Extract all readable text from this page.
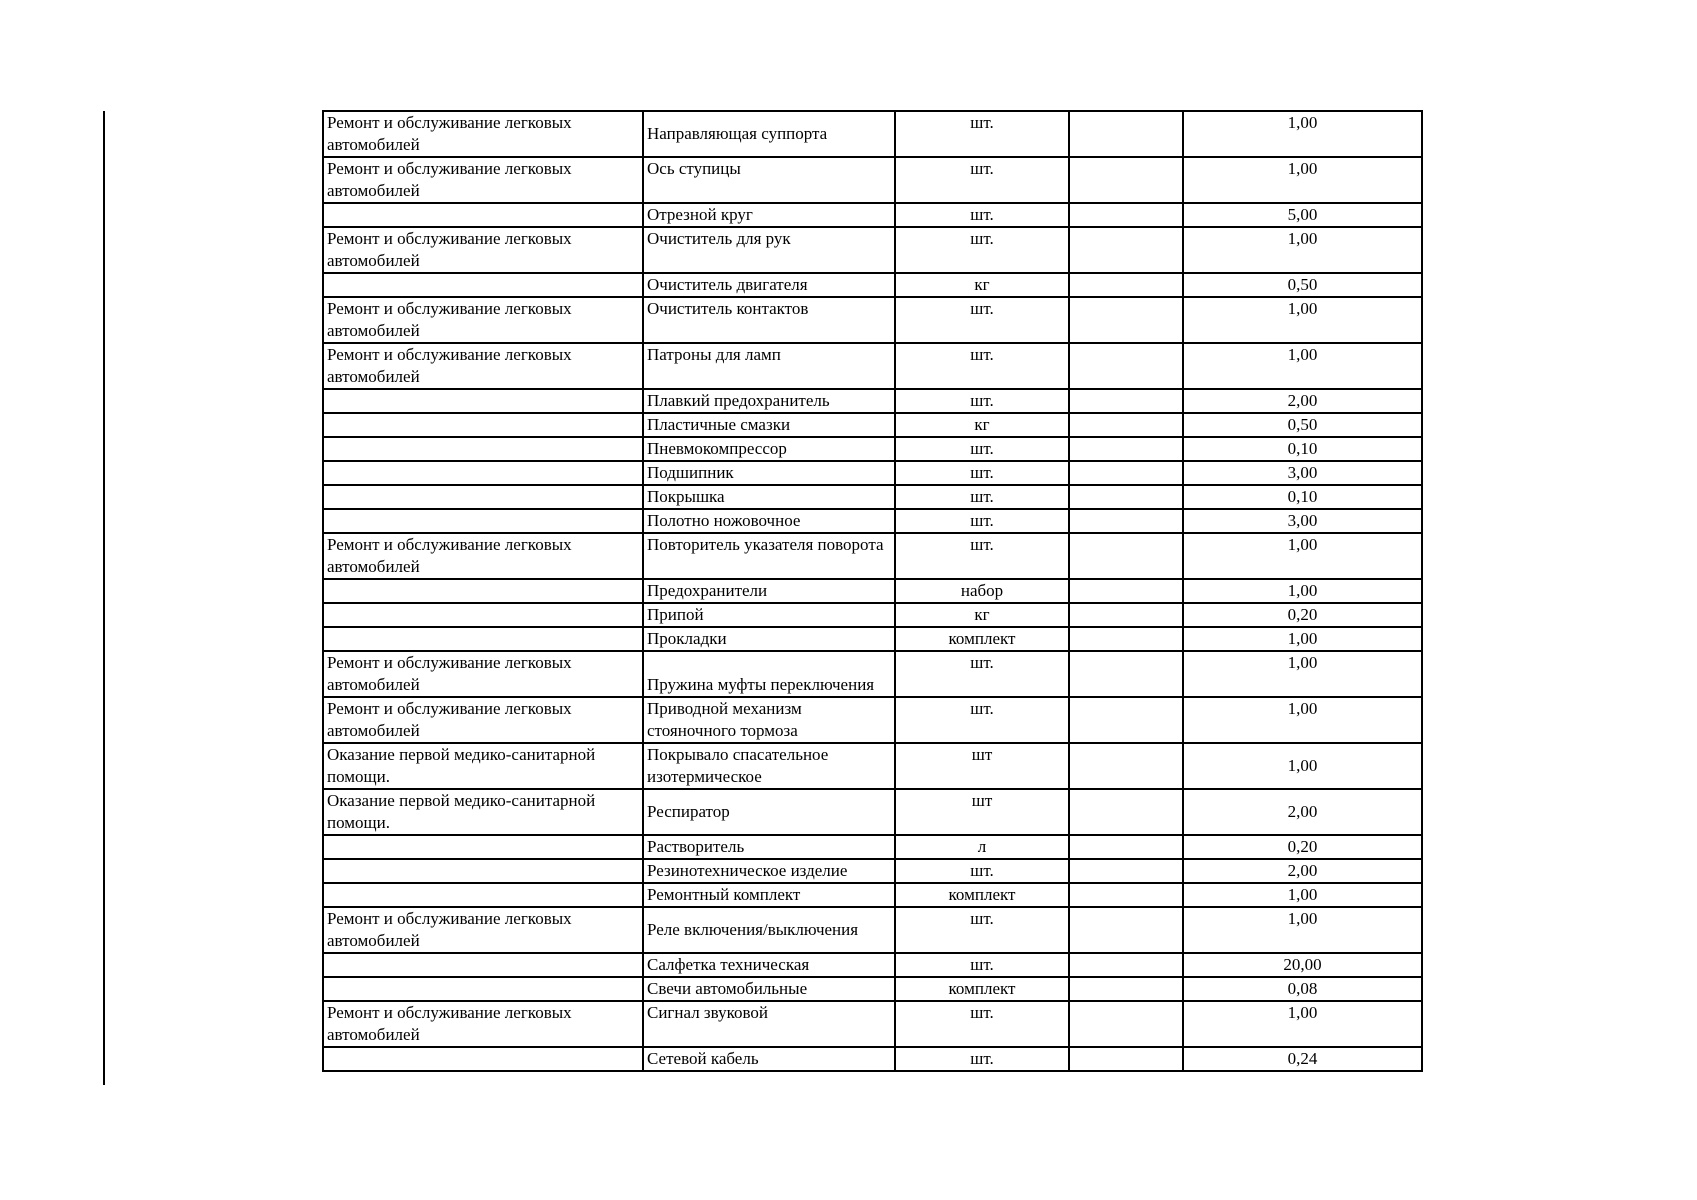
Ремонт и обслуживание легковых автомобилей	Направляющая суппорта	шт.		1,00
Ремонт и обслуживание легковых автомобилей	Ось ступицы	шт.		1,00
	Отрезной круг	шт.		5,00
Ремонт и обслуживание легковых автомобилей	Очиститель для рук	шт.		1,00
	Очиститель двигателя	кг		0,50
Ремонт и обслуживание легковых автомобилей	Очиститель контактов	шт.		1,00
Ремонт и обслуживание легковых автомобилей	Патроны для ламп	шт.		1,00
	Плавкий предохранитель	шт.		2,00
	Пластичные смазки	кг		0,50
	Пневмокомпрессор	шт.		0,10
	Подшипник	шт.		3,00
	Покрышка	шт.		0,10
	Полотно ножовочное	шт.		3,00
Ремонт и обслуживание легковых автомобилей	Повторитель указателя поворота	шт.		1,00
	Предохранители	набор		1,00
	Припой	кг		0,20
	Прокладки	комплект		1,00
Ремонт и обслуживание легковых автомобилей	Пружина муфты переключения	шт.		1,00
Ремонт и обслуживание легковых автомобилей	Приводной механизм стояночного тормоза	шт.		1,00
Оказание первой медико-санитарной помощи.	Покрывало спасательное изотермическое	шт		1,00
Оказание первой медико-санитарной помощи.	Респиратор	шт		2,00
	Растворитель	л		0,20
	Резинотехническое изделие	шт.		2,00
	Ремонтный комплект	комплект		1,00
Ремонт и обслуживание легковых автомобилей	Реле включения/выключения	шт.		1,00
	Салфетка техническая	шт.		20,00
	Свечи автомобильные	комплект		0,08
Ремонт и обслуживание легковых автомобилей	Сигнал звуковой	шт.		1,00
	Сетевой кабель	шт.		0,24
